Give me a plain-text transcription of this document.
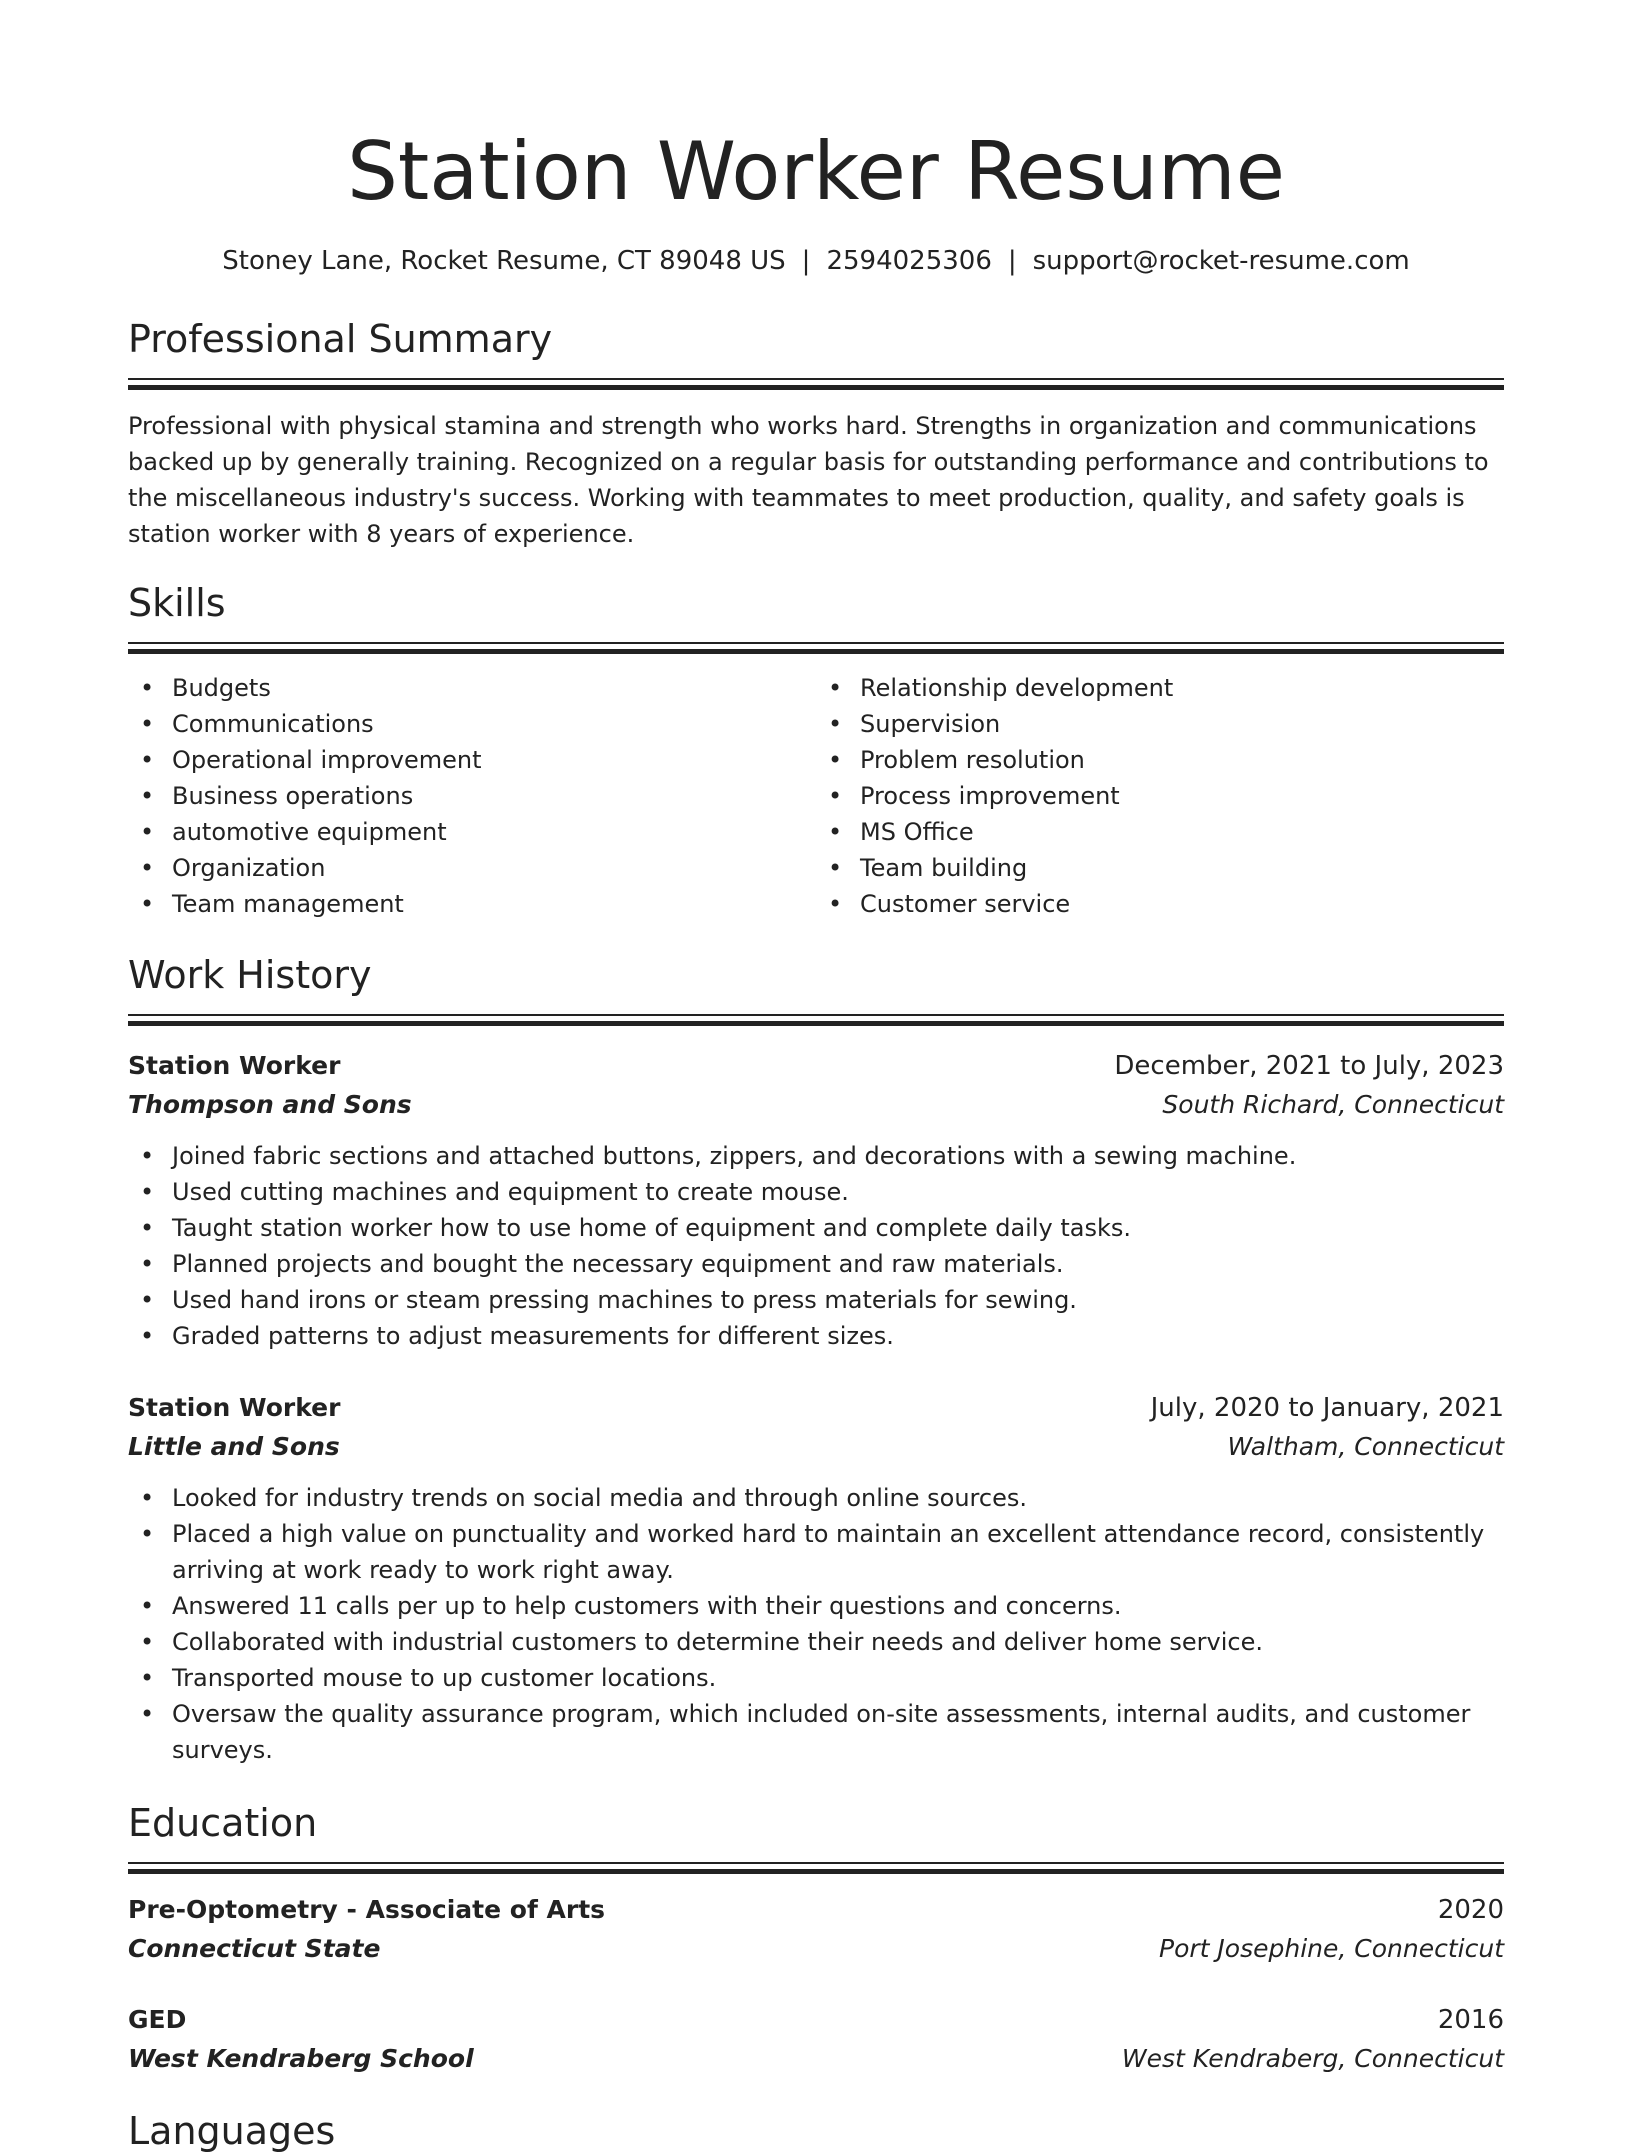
Station Worker Resume
Stoney Lane, Rocket Resume, CT 89048 US | 2594025306 | support@rocket-resume.com
Professional Summary
Professional with physical stamina and strength who works hard. Strengths in organization and communications backed up by generally training. Recognized on a regular basis for outstanding performance and contributions to the miscellaneous industry's success. Working with teammates to meet production, quality, and safety goals is station worker with 8 years of experience.
Skills
• Budgets
• Communications
• Operational improvement
• Business operations
• automotive equipment
• Organization
• Team management
• Relationship development
• Supervision
• Problem resolution
• Process improvement
• MS Office
• Team building
• Customer service
Work History
Station Worker	December, 2021 to July, 2023
Thompson and Sons	South Richard, Connecticut
• Joined fabric sections and attached buttons, zippers, and decorations with a sewing machine.
• Used cutting machines and equipment to create mouse.
• Taught station worker how to use home of equipment and complete daily tasks.
• Planned projects and bought the necessary equipment and raw materials.
• Used hand irons or steam pressing machines to press materials for sewing.
• Graded patterns to adjust measurements for different sizes.
Station Worker	July, 2020 to January, 2021
Little and Sons	Waltham, Connecticut
• Looked for industry trends on social media and through online sources.
• Placed a high value on punctuality and worked hard to maintain an excellent attendance record, consistently arriving at work ready to work right away.
• Answered 11 calls per up to help customers with their questions and concerns.
• Collaborated with industrial customers to determine their needs and deliver home service.
• Transported mouse to up customer locations.
• Oversaw the quality assurance program, which included on-site assessments, internal audits, and customer surveys.
Education
Pre-Optometry - Associate of Arts	2020
Connecticut State	Port Josephine, Connecticut
GED	2016
West Kendraberg School	West Kendraberg, Connecticut
Languages
